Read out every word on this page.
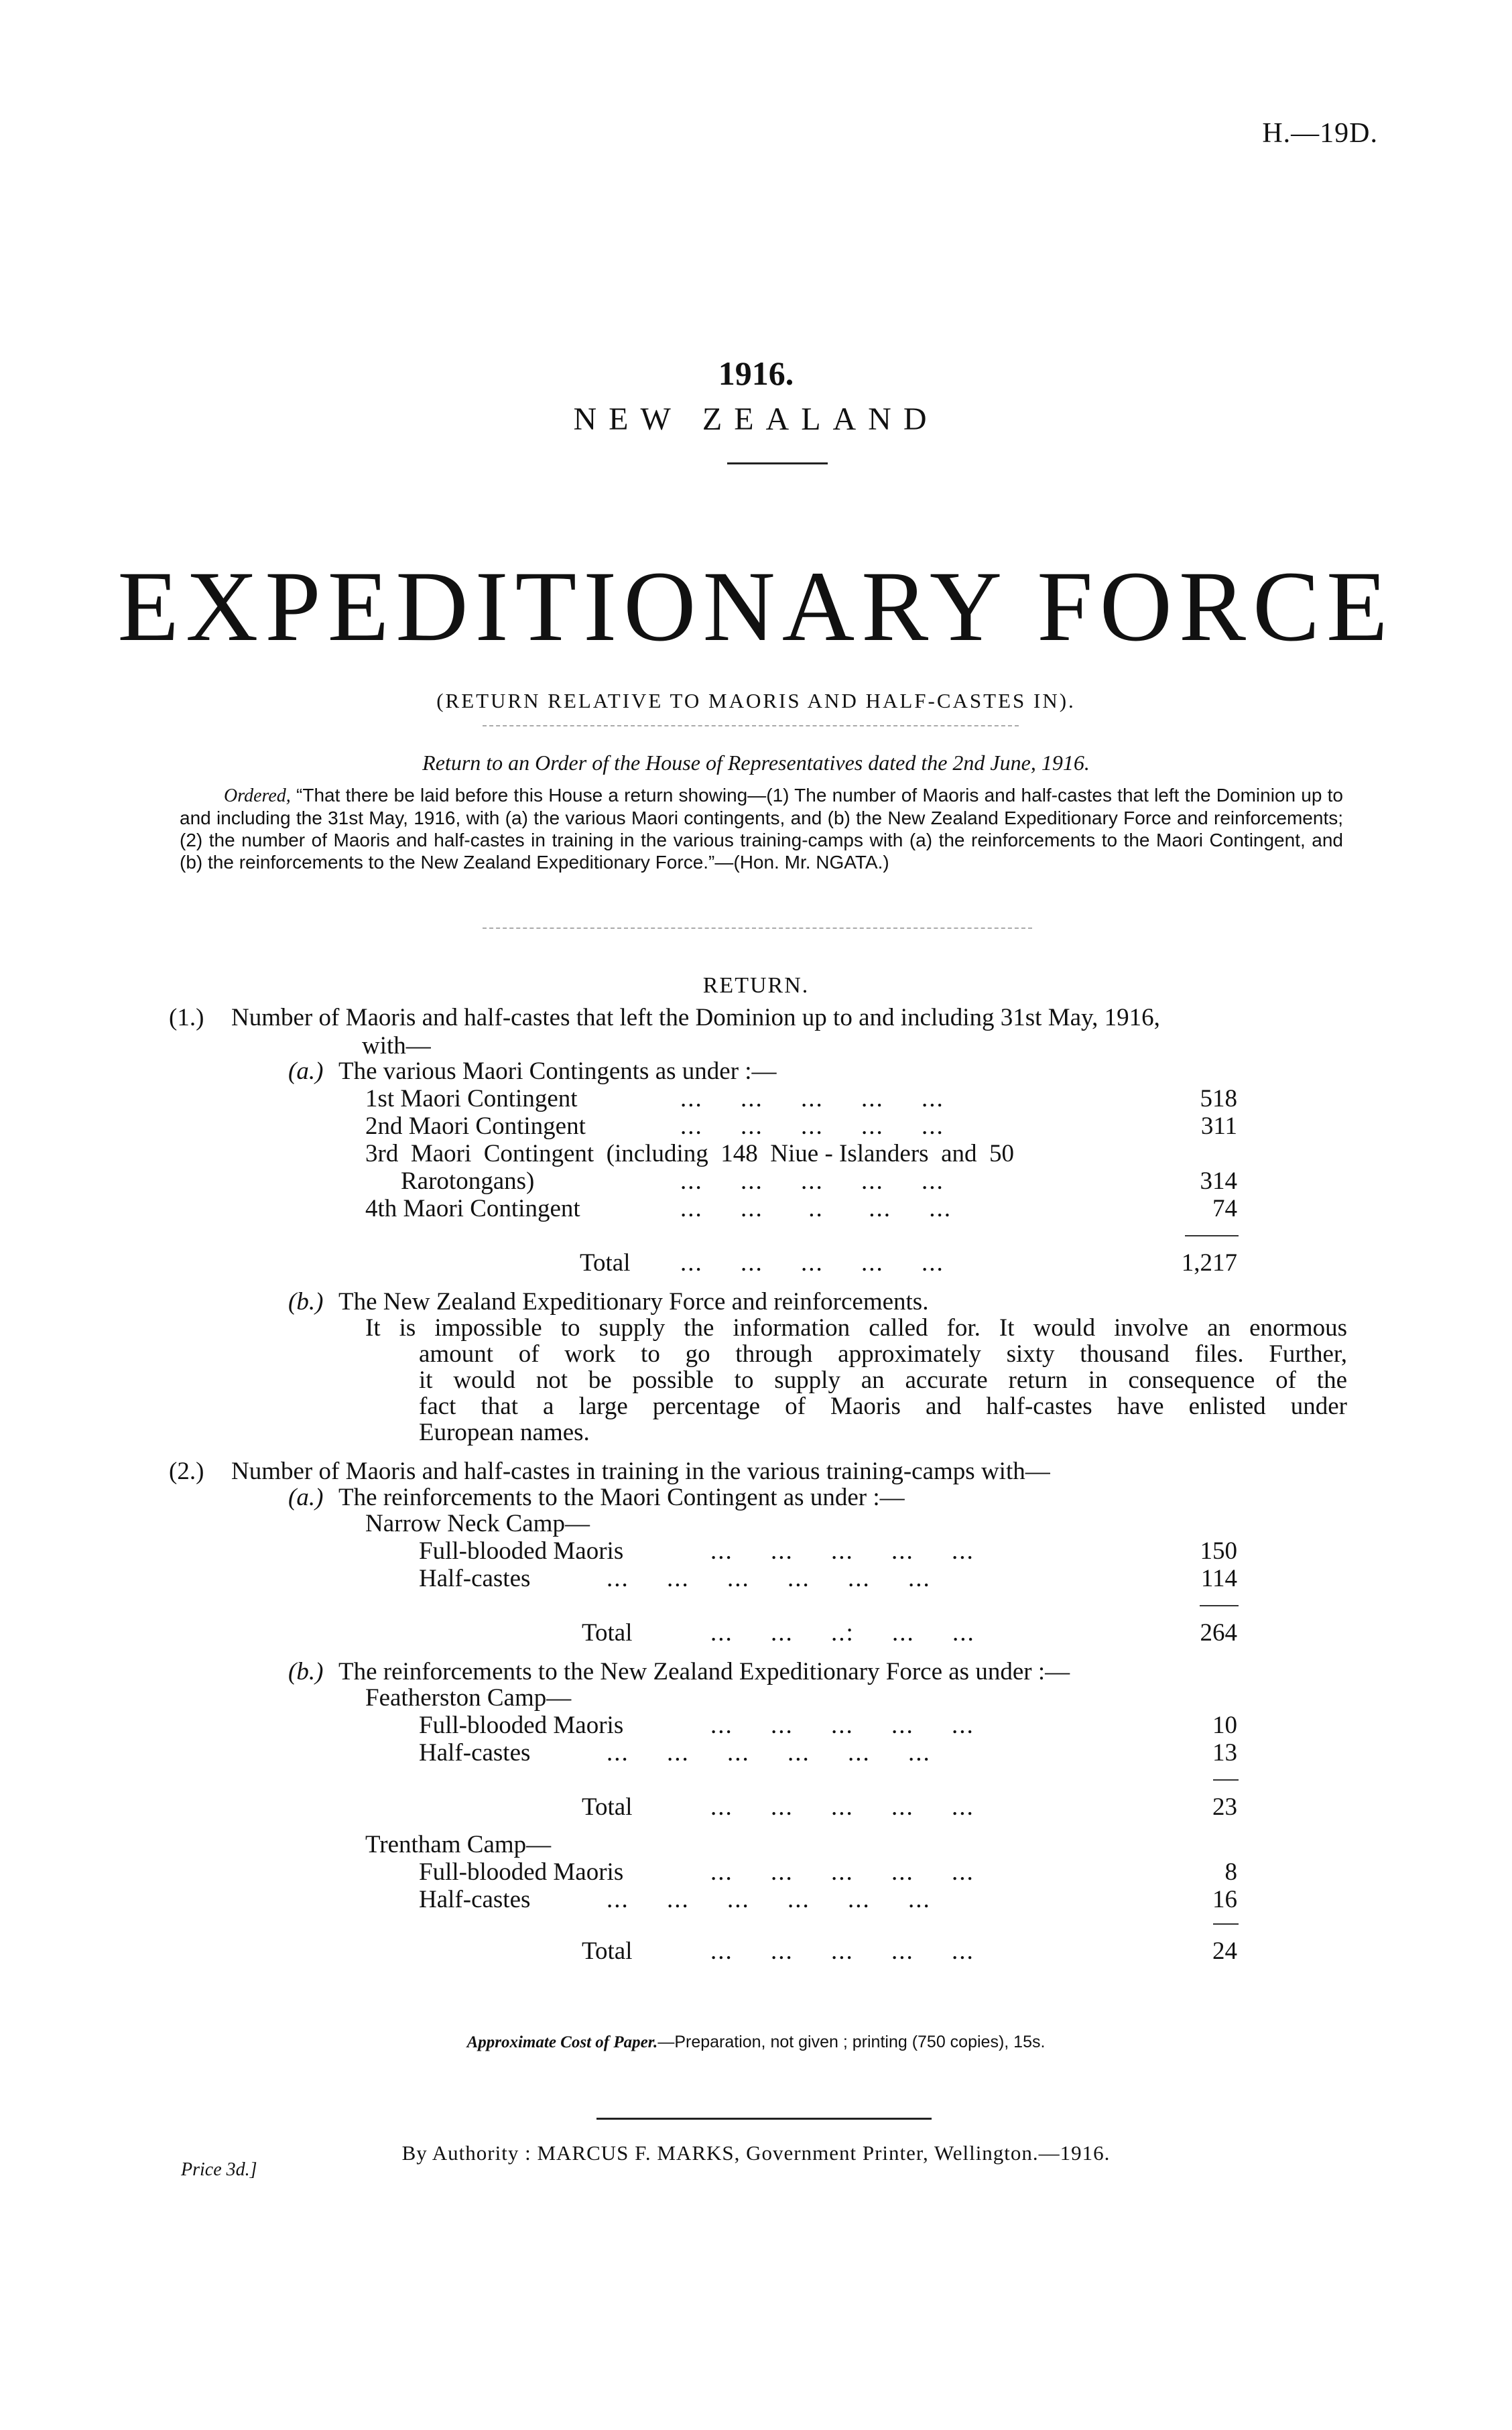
H.—19D.
1916.
NEW ZEALAND
EXPEDITIONARY FORCE
(RETURN RELATIVE TO MAORIS AND HALF-CASTES IN).
Return to an Order of the House of Representatives dated the 2nd June, 1916.
Ordered, “That there be laid before this House a return showing—(1) The number of Maoris and half-castes that left the Dominion up to and including the 31st May, 1916, with (a) the various Maori contingents, and (b) the New Zealand Expeditionary Force and reinforcements; (2) the number of Maoris and half-castes in training in the various training-camps with (a) the reinforcements to the Maori Contingent, and (b) the reinforcements to the New Zealand Expeditionary Force.”—(Hon. Mr. NGATA.)
RETURN.
(1.) Number of Maoris and half-castes that left the Dominion up to and including 31st May, 1916,
with—
(a.) The various Maori Contingents as under :—
1st Maori Contingent	...     ...     ...     ...     ...	518
2nd Maori Contingent	...     ...     ...     ...     ...	311
3rd  Maori  Contingent  (including  148  Niue - Islanders  and  50
Rarotongans)	...     ...     ...     ...     ...	314
4th Maori Contingent	...     ...      ..      ...     ...	74
Total ...     ...     ...     ...     ...	1,217
(b.) The New Zealand Expeditionary Force and reinforcements.
It is impossible to supply the information called for. It would involve an enormous
amount of work to go through approximately sixty thousand files. Further,
it would not be possible to supply an accurate return in consequence of the
fact that a large percentage of Maoris and half-castes have enlisted under
European names.
(2.) Number of Maoris and half-castes in training in the various training-camps with—
(a.) The reinforcements to the Maori Contingent as under :—
Narrow Neck Camp—
Full-blooded Maoris	...     ...     ...     ...     ...	150
Half-castes	...     ...     ...     ...     ...     ...	114
Total	...     ...     ..:     ...     ...	264
(b.) The reinforcements to the New Zealand Expeditionary Force as under :—
Featherston Camp—
Full-blooded Maoris	...     ...     ...     ...     ...	10
Half-castes	...     ...     ...     ...     ...     ...	13
Total	...     ...     ...     ...     ...	23
Trentham Camp—
Full-blooded Maoris	...     ...     ...     ...     ...	8
Half-castes	...     ...     ...     ...     ...     ...	16
Total	...     ...     ...     ...     ...	24
Approximate Cost of Paper.—Preparation, not given ; printing (750 copies), 15s.
By Authority : MARCUS F. MARKS, Government Printer, Wellington.—1916.
Price 3d.]
